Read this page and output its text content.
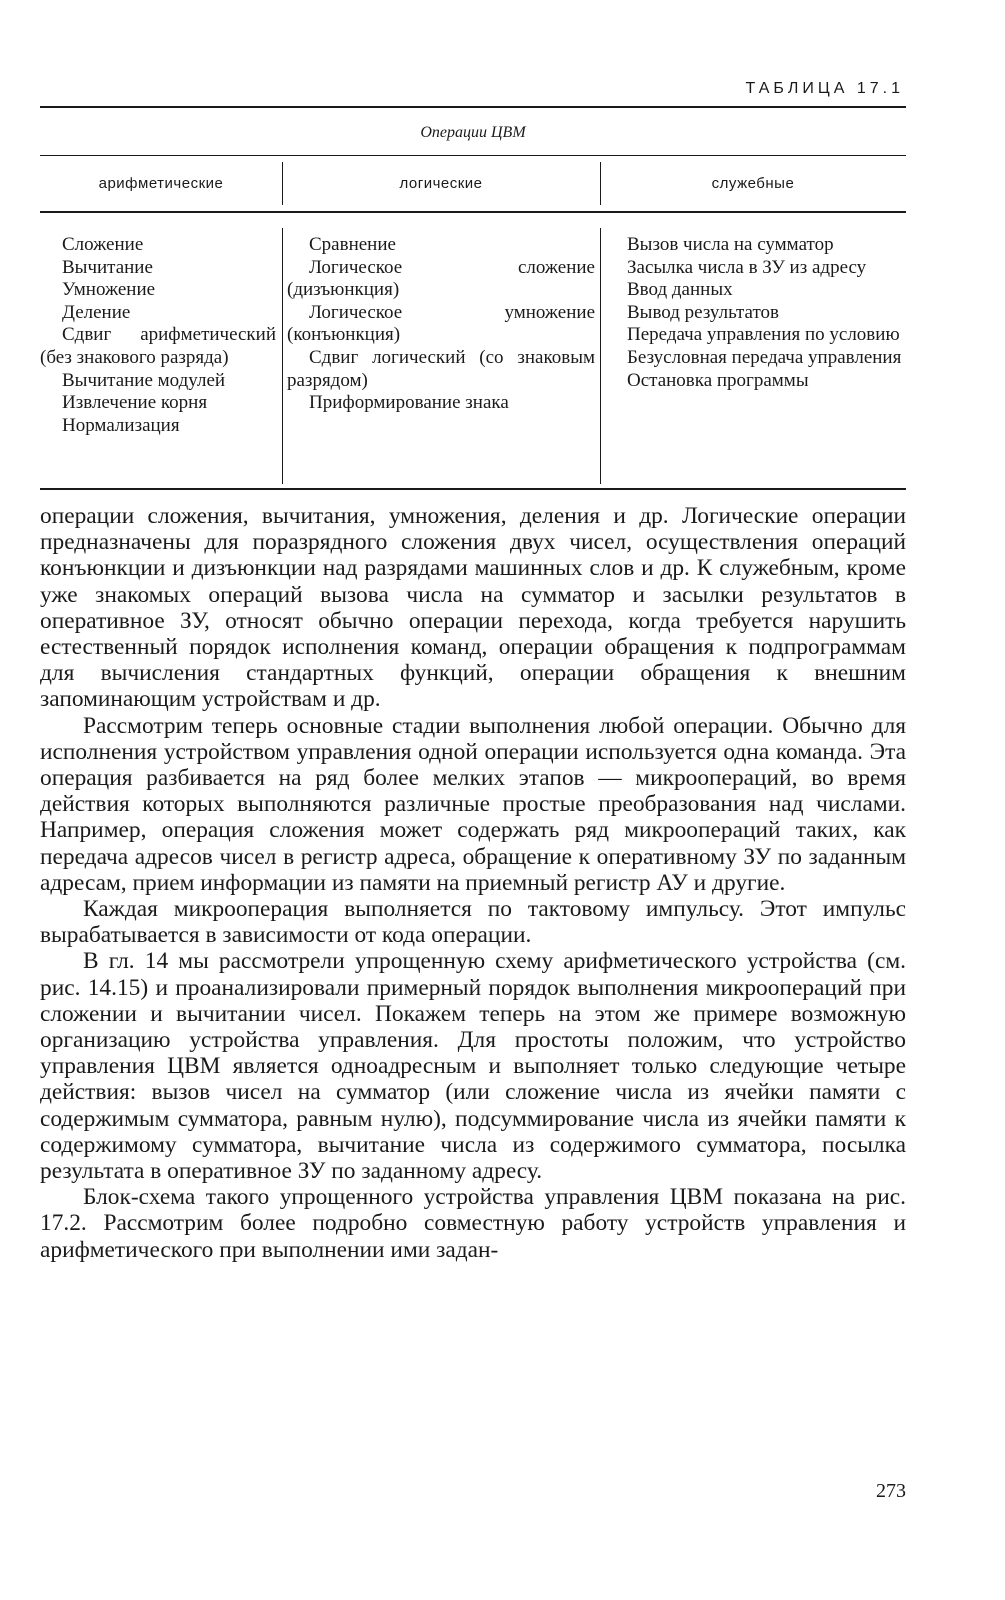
ТАБЛИЦА 17.1
Операции ЦВМ
арифметические	логические	служебные
Сложение
Вычитание
Умножение
Деление
Сдвиг арифметический (без знакового разряда)
Вычитание модулей
Извлечение корня
Нормализация
Сравнение
Логическое сложение (дизъюнкция)
Логическое умножение (конъюнкция)
Сдвиг логический (со знаковым разрядом)
Приформирование знака
Вызов числа на сумматор
Засылка числа в ЗУ из адресу
Ввод данных
Вывод результатов
Передача управления по условию
Безусловная передача управления
Остановка программы

операции сложения, вычитания, умножения, деления и др. Логические операции предназначены для поразрядного сложения двух чисел, осуществления операций конъюнкции и дизъюнкции над разрядами машинных слов и др. К служебным, кроме уже знакомых операций вызова числа на сумматор и засылки результатов в оперативное ЗУ, относят обычно операции перехода, когда требуется нарушить естественный порядок исполнения команд, операции обращения к подпрограммам для вычисления стандартных функций, операции обращения к внешним запоминающим устройствам и др.

Рассмотрим теперь основные стадии выполнения любой операции. Обычно для исполнения устройством управления одной операции используется одна команда. Эта операция разбивается на ряд более мелких этапов — микроопераций, во время действия которых выполняются различные простые преобразования над числами. Например, операция сложения может содержать ряд микроопераций таких, как передача адресов чисел в регистр адреса, обращение к оперативному ЗУ по заданным адресам, прием информации из памяти на приемный регистр АУ и другие.

Каждая микрооперация выполняется по тактовому импульсу. Этот импульс вырабатывается в зависимости от кода операции.

В гл. 14 мы рассмотрели упрощенную схему арифметического устройства (см. рис. 14.15) и проанализировали примерный порядок выполнения микроопераций при сложении и вычитании чисел. Покажем теперь на этом же примере возможную организацию устройства управления. Для простоты положим, что устройство управления ЦВМ является одноадресным и выполняет только следующие четыре действия: вызов чисел на сумматор (или сложение числа из ячейки памяти с содержимым сумматора, равным нулю), подсуммирование числа из ячейки памяти к содержимому сумматора, вычитание числа из содержимого сумматора, посылка результата в оперативное ЗУ по заданному адресу.

Блок-схема такого упрощенного устройства управления ЦВМ показана на рис. 17.2. Рассмотрим более подробно совместную работу устройств управления и арифметического при выполнении ими задан-

273
